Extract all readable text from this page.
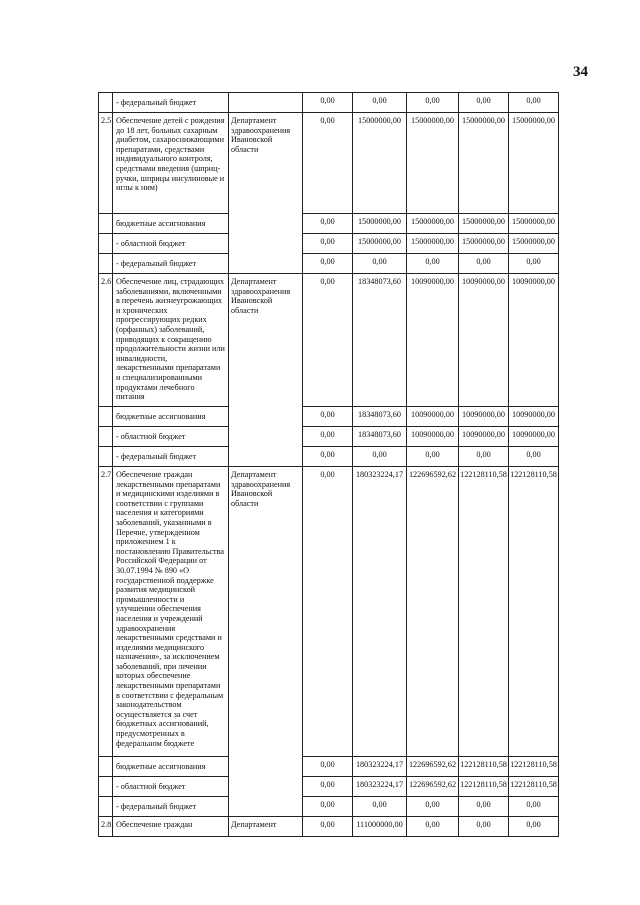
34
	- федеральный бюджет		0,00	0,00	0,00	0,00	0,00
2.5	Обеспечение детей с рождения до 18 лет, больных сахарным диабетом, сахароснижающими препаратами, средствами индивидуального контроля, средствами введения (шприц-ручки, шприцы инсулиновые и иглы к ним)	Департамент здравоохранения Ивановской области	0,00	15000000,00	15000000,00	15000000,00	15000000,00
	бюджетные ассигнования		0,00	15000000,00	15000000,00	15000000,00	15000000,00
	- областной бюджет		0,00	15000000,00	15000000,00	15000000,00	15000000,00
	- федеральный бюджет		0,00	0,00	0,00	0,00	0,00
2.6	Обеспечение лиц, страдающих заболеваниями, включенными в перечень жизнеугрожающих и хронических прогрессирующих редких (орфанных) заболеваний, приводящих к сокращению продолжительности жизни или инвалидности, лекарственными препаратами и специализированными продуктами лечебного питания	Департамент здравоохранения Ивановской области	0,00	18348073,60	10090000,00	10090000,00	10090000,00
	бюджетные ассигнования		0,00	18348073,60	10090000,00	10090000,00	10090000,00
	- областной бюджет		0,00	18348073,60	10090000,00	10090000,00	10090000,00
	- федеральный бюджет		0,00	0,00	0,00	0,00	0,00
2.7	Обеспечение граждан лекарственными препаратами и медицинскими изделиями в соответствии с группами населения и категориями заболеваний, указанными в Перечне, утвержденном приложением 1 к постановлению Правительства Российской Федерации от 30.07.1994 № 890 «О государственной поддержке развития медицинской промышленности и улучшении обеспечения населения и учреждений здравоохранения лекарственными средствами и изделиями медицинского назначения», за исключением заболеваний, при лечении которых обеспечение лекарственными препаратами в соответствии с федеральным законодательством осуществляется за счет бюджетных ассигнований, предусмотренных в федеральном бюджете	Департамент здравоохранения Ивановской области	0,00	180323224,17	122696592,62	122128110,58	122128110,58
	бюджетные ассигнования		0,00	180323224,17	122696592,62	122128110,58	122128110,58
	- областной бюджет		0,00	180323224,17	122696592,62	122128110,58	122128110,58
	- федеральный бюджет		0,00	0,00	0,00	0,00	0,00
2.8	Обеспечение граждан	Департамент	0,00	111000000,00	0,00	0,00	0,00
